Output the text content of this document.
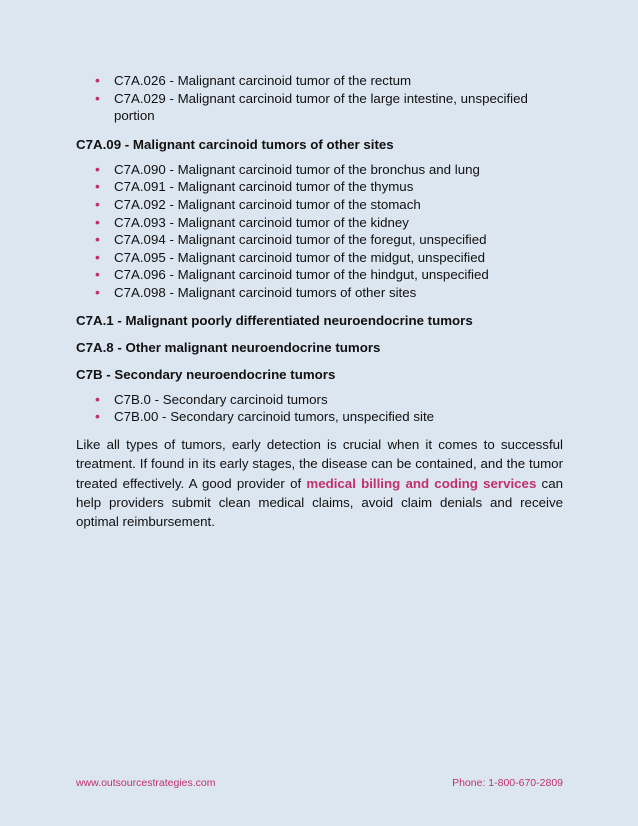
• C7A.026 - Malignant carcinoid tumor of the rectum
• C7A.029 - Malignant carcinoid tumor of the large intestine, unspecified portion
C7A.09 - Malignant carcinoid tumors of other sites
• C7A.090 - Malignant carcinoid tumor of the bronchus and lung
• C7A.091 - Malignant carcinoid tumor of the thymus
• C7A.092 - Malignant carcinoid tumor of the stomach
• C7A.093 - Malignant carcinoid tumor of the kidney
• C7A.094 - Malignant carcinoid tumor of the foregut, unspecified
• C7A.095 - Malignant carcinoid tumor of the midgut, unspecified
• C7A.096 - Malignant carcinoid tumor of the hindgut, unspecified
• C7A.098 - Malignant carcinoid tumors of other sites
C7A.1 - Malignant poorly differentiated neuroendocrine tumors
C7A.8 - Other malignant neuroendocrine tumors
C7B - Secondary neuroendocrine tumors
• C7B.0 - Secondary carcinoid tumors
• C7B.00 - Secondary carcinoid tumors, unspecified site

Like all types of tumors, early detection is crucial when it comes to successful treatment. If found in its early stages, the disease can be contained, and the tumor treated effectively. A good provider of medical billing and coding services can help providers submit clean medical claims, avoid claim denials and receive optimal reimbursement.

www.outsourcestrategies.com	Phone: 1-800-670-2809
